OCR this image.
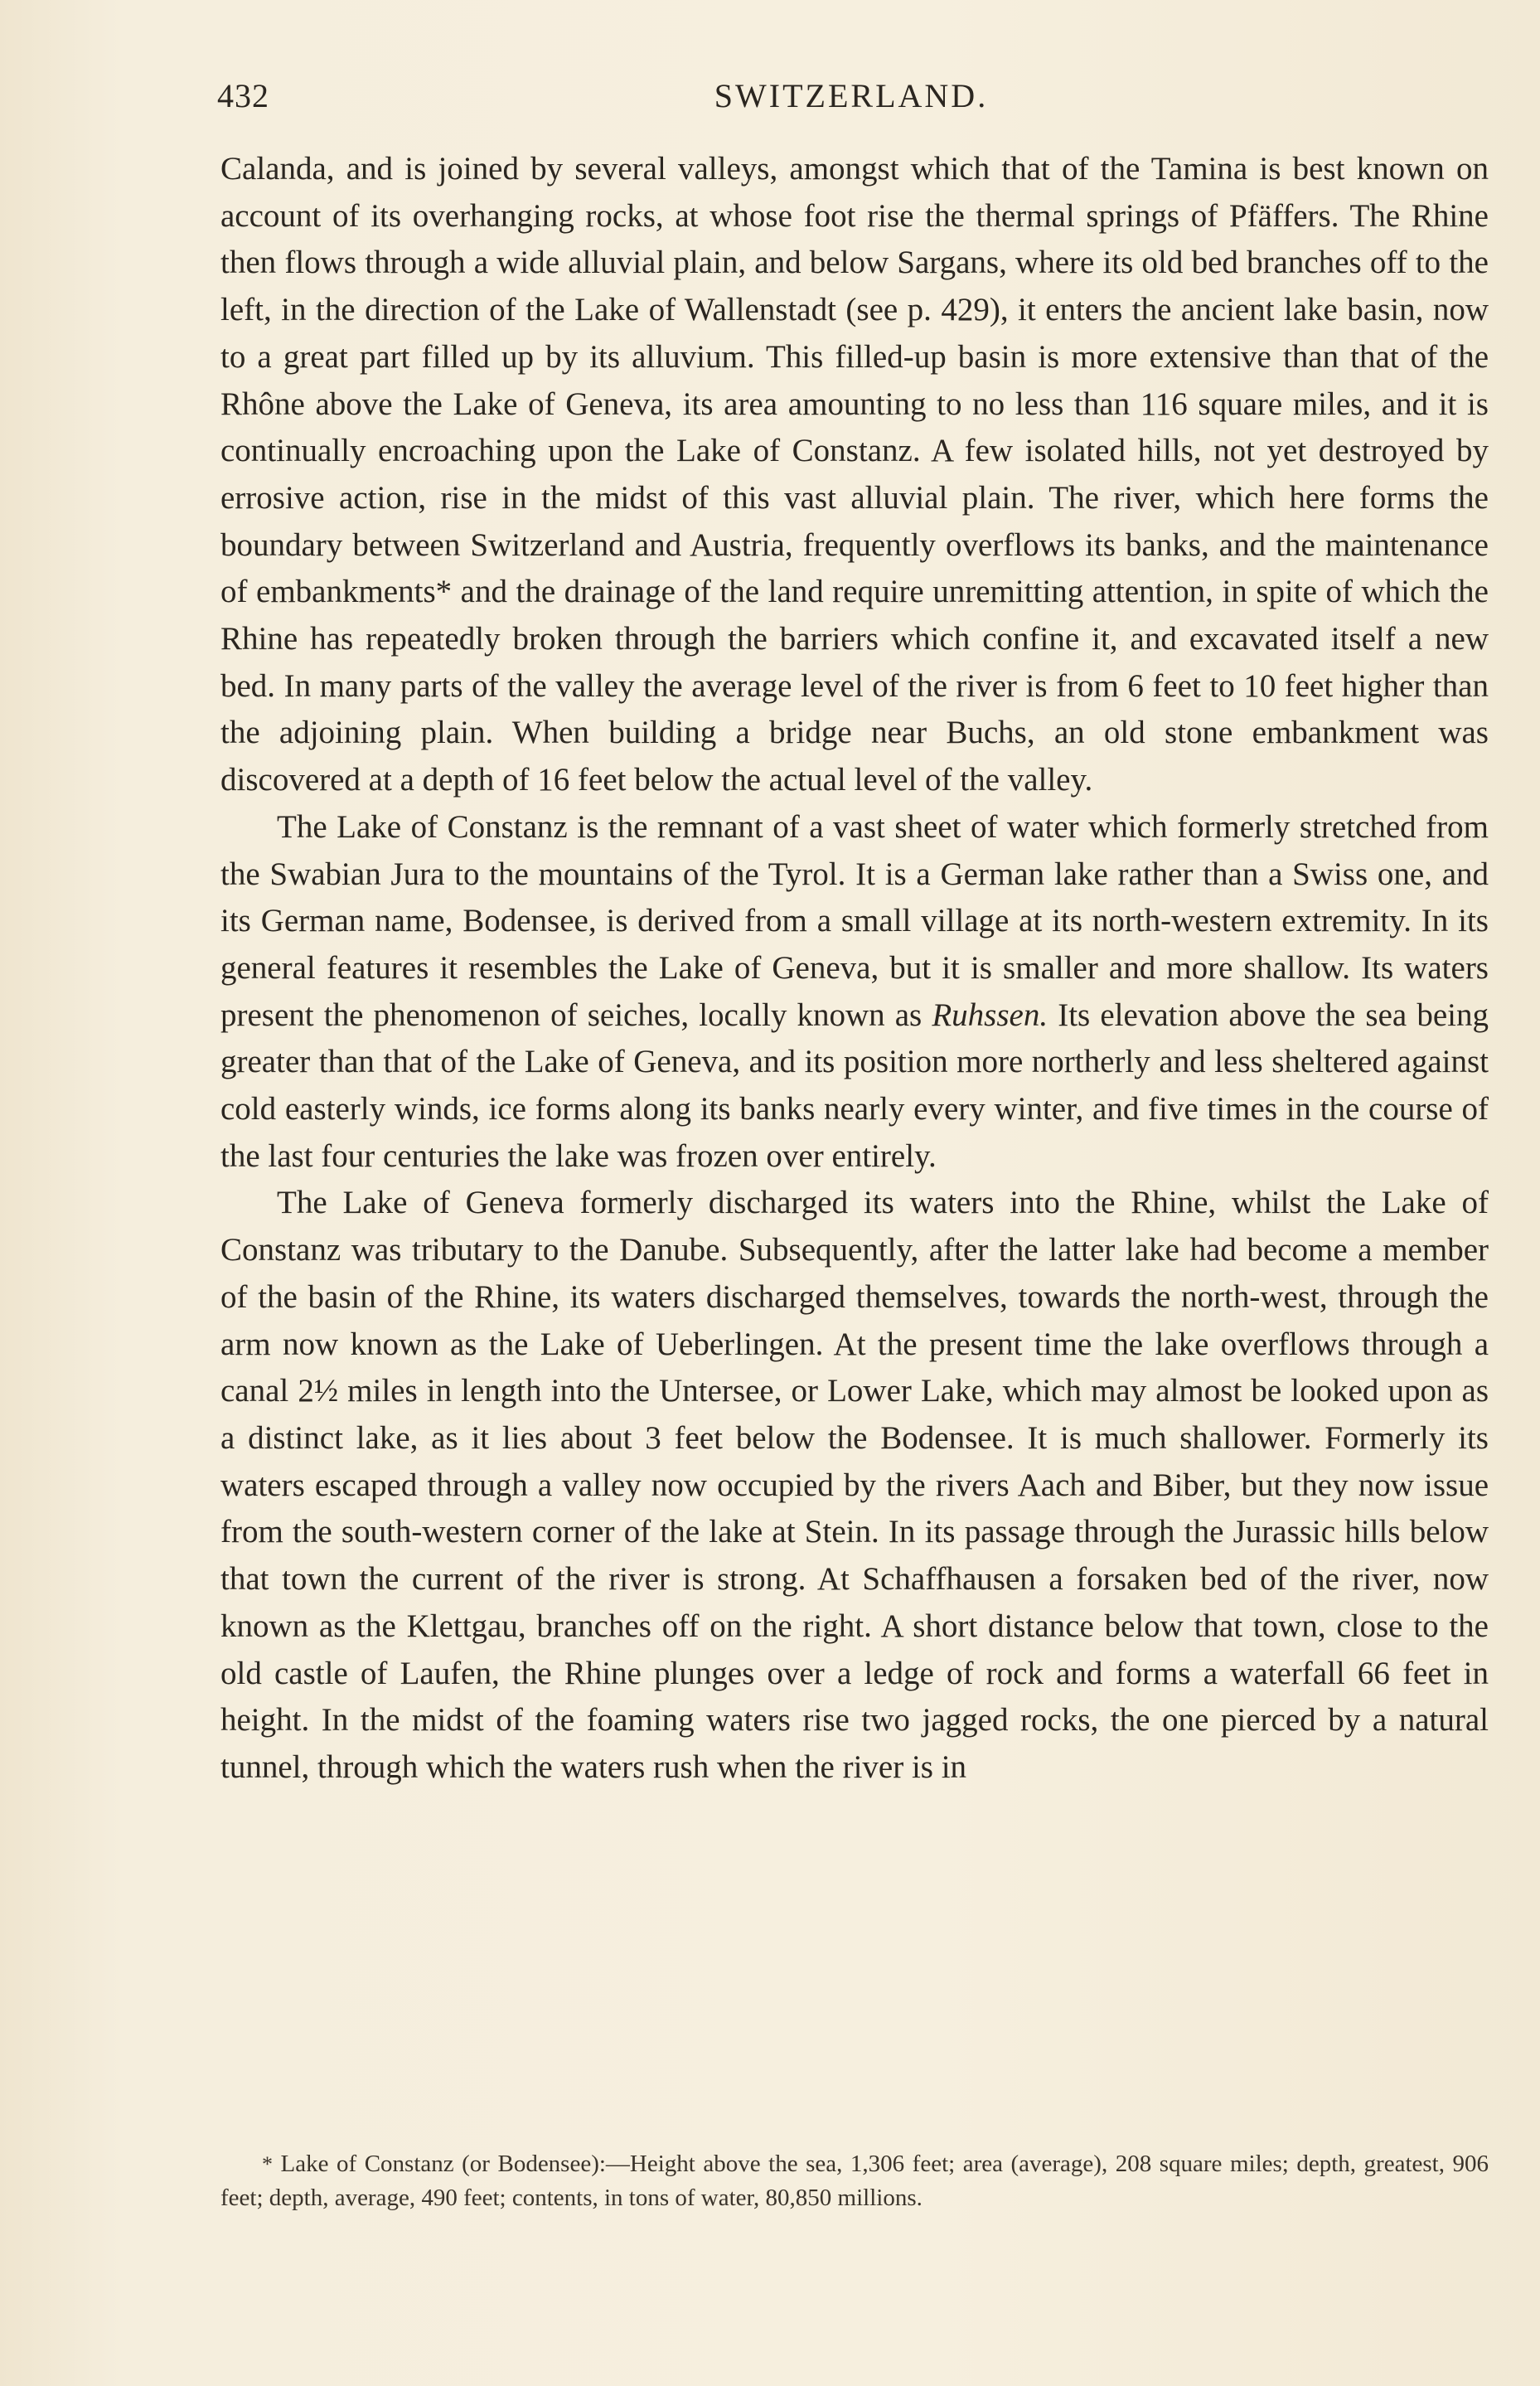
432	SWITZERLAND.

Calanda, and is joined by several valleys, amongst which that of the Tamina is best known on account of its overhanging rocks, at whose foot rise the thermal springs of Pfäffers. The Rhine then flows through a wide alluvial plain, and below Sargans, where its old bed branches off to the left, in the direction of the Lake of Wallenstadt (see p. 429), it enters the ancient lake basin, now to a great part filled up by its alluvium. This filled-up basin is more extensive than that of the Rhône above the Lake of Geneva, its area amounting to no less than 116 square miles, and it is continually encroaching upon the Lake of Constanz. A few isolated hills, not yet destroyed by errosive action, rise in the midst of this vast alluvial plain. The river, which here forms the boundary between Switzerland and Austria, frequently overflows its banks, and the maintenance of embankments* and the drainage of the land require unremitting attention, in spite of which the Rhine has repeatedly broken through the barriers which confine it, and excavated itself a new bed. In many parts of the valley the average level of the river is from 6 feet to 10 feet higher than the adjoining plain. When building a bridge near Buchs, an old stone embankment was discovered at a depth of 16 feet below the actual level of the valley.

The Lake of Constanz is the remnant of a vast sheet of water which formerly stretched from the Swabian Jura to the mountains of the Tyrol. It is a German lake rather than a Swiss one, and its German name, Bodensee, is derived from a small village at its north-western extremity. In its general features it resembles the Lake of Geneva, but it is smaller and more shallow. Its waters present the phenomenon of seiches, locally known as Ruhssen. Its elevation above the sea being greater than that of the Lake of Geneva, and its position more northerly and less sheltered against cold easterly winds, ice forms along its banks nearly every winter, and five times in the course of the last four centuries the lake was frozen over entirely.

The Lake of Geneva formerly discharged its waters into the Rhine, whilst the Lake of Constanz was tributary to the Danube. Subsequently, after the latter lake had become a member of the basin of the Rhine, its waters discharged themselves, towards the north-west, through the arm now known as the Lake of Ueberlingen. At the present time the lake overflows through a canal 2½ miles in length into the Untersee, or Lower Lake, which may almost be looked upon as a distinct lake, as it lies about 3 feet below the Bodensee. It is much shallower. Formerly its waters escaped through a valley now occupied by the rivers Aach and Biber, but they now issue from the south-western corner of the lake at Stein. In its passage through the Jurassic hills below that town the current of the river is strong. At Schaffhausen a forsaken bed of the river, now known as the Klettgau, branches off on the right. A short distance below that town, close to the old castle of Laufen, the Rhine plunges over a ledge of rock and forms a waterfall 66 feet in height. In the midst of the foaming waters rise two jagged rocks, the one pierced by a natural tunnel, through which the waters rush when the river is in

* Lake of Constanz (or Bodensee):—Height above the sea, 1,306 feet; area (average), 208 square miles; depth, greatest, 906 feet; depth, average, 490 feet; contents, in tons of water, 80,850 millions.
